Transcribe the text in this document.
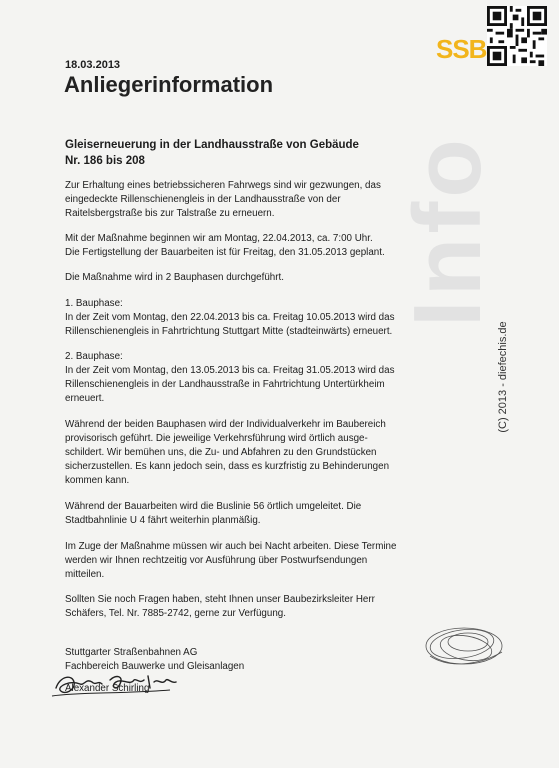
Info
SSB
(C) 2013 - diefechis.de
18.03.2013
Anliegerinformation
Gleiserneuerung in der Landhausstraße von Gebäude
Nr. 186 bis 208
Zur Erhaltung eines betriebssicheren Fahrwegs sind wir gezwungen, das
eingedeckte Rillenschienengleis in der Landhausstraße von der
Raitelsbergstraße bis zur Talstraße zu erneuern.
Mit der Maßnahme beginnen wir am Montag, 22.04.2013, ca. 7:00 Uhr.
Die Fertigstellung der Bauarbeiten ist für Freitag, den 31.05.2013 geplant.
Die Maßnahme wird in 2 Bauphasen durchgeführt.
1. Bauphase:
In der Zeit vom Montag, den 22.04.2013 bis ca. Freitag 10.05.2013 wird das
Rillenschienengleis in Fahrtrichtung Stuttgart Mitte (stadteinwärts) erneuert.
2. Bauphase:
In der Zeit vom Montag, den 13.05.2013 bis ca. Freitag 31.05.2013 wird das
Rillenschienengleis in der Landhausstraße in Fahrtrichtung Untertürkheim
erneuert.
Während der beiden Bauphasen wird der Individualverkehr im Baubereich
provisorisch geführt. Die jeweilige Verkehrsführung wird örtlich ausge-
schildert. Wir bemühen uns, die Zu- und Abfahren zu den Grundstücken
sicherzustellen. Es kann jedoch sein, dass es kurzfristig zu Behinderungen
kommen kann.
Während der Bauarbeiten wird die Buslinie 56 örtlich umgeleitet. Die
Stadtbahnlinie U 4 fährt weiterhin planmäßig.
Im Zuge der Maßnahme müssen wir auch bei Nacht arbeiten. Diese Termine
werden wir Ihnen rechtzeitig vor Ausführung über Postwurfsendungen
mitteilen.
Sollten Sie noch Fragen haben, steht Ihnen unser Baubezirksleiter Herr
Schäfers, Tel. Nr. 7885-2742, gerne zur Verfügung.
Stuttgarter Straßenbahnen AG
Fachbereich Bauwerke und Gleisanlagen
Alexander Schirling
